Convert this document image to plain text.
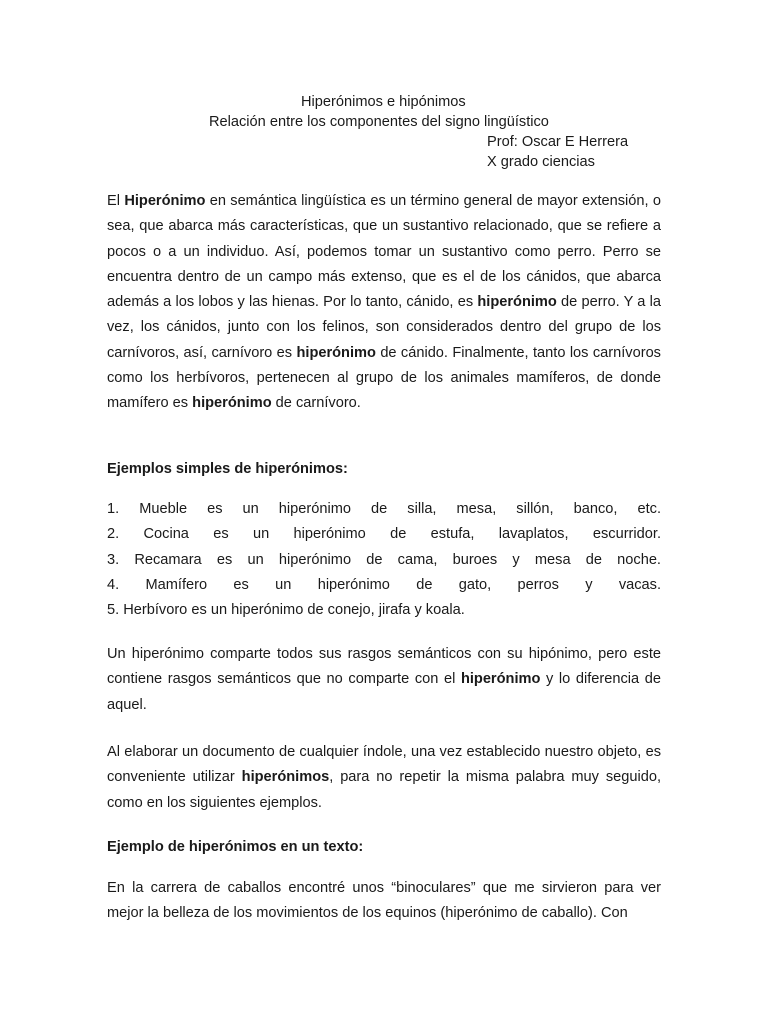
Hiperónimos e hipónimos
Relación entre los componentes del signo lingüístico
Prof: Oscar E Herrera
X grado ciencias

El Hiperónimo en semántica lingüística es un término general de mayor extensión, o sea, que abarca más características, que un sustantivo relacionado, que se refiere a pocos o a un individuo. Así, podemos tomar un sustantivo como perro. Perro se encuentra dentro de un campo más extenso, que es el de los cánidos, que abarca además a los lobos y las hienas. Por lo tanto, cánido, es hiperónimo de perro. Y a la vez, los cánidos, junto con los felinos, son considerados dentro del grupo de los carnívoros, así, carnívoro es hiperónimo de cánido. Finalmente, tanto los carnívoros como los herbívoros, pertenecen al grupo de los animales mamíferos, de donde mamífero es hiperónimo de carnívoro.

Ejemplos simples de hiperónimos:

1. Mueble es un hiperónimo de silla, mesa, sillón, banco, etc.
2. Cocina es un hiperónimo de estufa, lavaplatos, escurridor.
3. Recamara es un hiperónimo de cama, buroes y mesa de noche.
4. Mamífero es un hiperónimo de gato, perros y vacas.
5. Herbívoro es un hiperónimo de conejo, jirafa y koala.

Un hiperónimo comparte todos sus rasgos semánticos con su hipónimo, pero este contiene rasgos semánticos que no comparte con el hiperónimo y lo diferencia de aquel.

Al elaborar un documento de cualquier índole, una vez establecido nuestro objeto, es conveniente utilizar hiperónimos, para no repetir la misma palabra muy seguido, como en los siguientes ejemplos.

Ejemplo de hiperónimos en un texto:

En la carrera de caballos encontré unos “binoculares” que me sirvieron para ver mejor la belleza de los movimientos de los equinos (hiperónimo de caballo). Con
